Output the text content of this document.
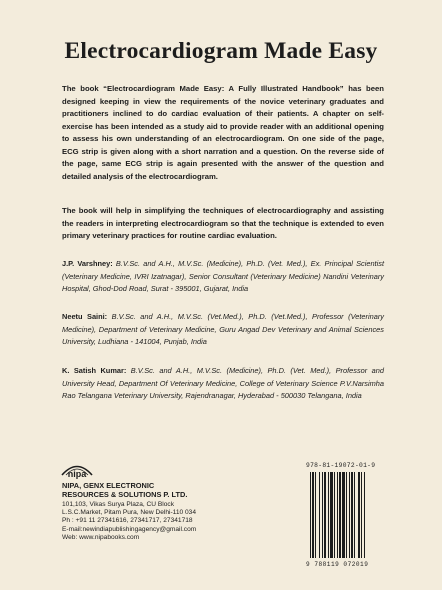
Electrocardiogram Made Easy
The book “Electrocardiogram Made Easy: A Fully Illustrated Handbook” has been designed keeping in view the requirements of the novice veterinary graduates and practitioners inclined to do cardiac evaluation of their patients. A chapter on self-exercise has been intended as a study aid to provide reader with an additional opening to assess his own understanding of an electrocardiogram. On one side of the page, ECG strip is given along with a short narration and a question. On the reverse side of the page, same ECG strip is again presented with the answer of the question and detailed analysis of the electrocardiogram.
The book will help in simplifying the techniques of electrocardiography and assisting the readers in interpreting electrocardiogram so that the technique is extended to even primary veterinary practices for routine cardiac evaluation.
J.P. Varshney: B.V.Sc. and A.H., M.V.Sc. (Medicine), Ph.D. (Vet. Med.), Ex. Principal Scientist (Veterinary Medicine, IVRI Izatnagar), Senior Consultant (Veterinary Medicine) Nandini Veterinary Hospital, Ghod-Dod Road, Surat - 395001, Gujarat, India
Neetu Saini: B.V.Sc. and A.H., M.V.Sc. (Vet.Med.), Ph.D. (Vet.Med.), Professor (Veterinary Medicine), Department of Veterinary Medicine, Guru Angad Dev Veterinary and Animal Sciences University, Ludhiana - 141004, Punjab, India
K. Satish Kumar: B.V.Sc. and A.H., M.V.Sc. (Medicine), Ph.D. (Vet. Med.), Professor and University Head, Department Of Veterinary Medicine, College of Veterinary Science P.V.Narsimha Rao Telangana Veterinary University, Rajendranagar, Hyderabad - 500030 Telangana, India
nipa
NIPA, GENX ELECTRONIC
RESOURCES & SOLUTIONS P. LTD.
101,103, Vikas Surya Plaza, CU Block
L.S.C.Market, Pitam Pura, New Delhi-110 034
Ph : +91 11 27341616, 27341717, 27341718
E-mail:newindiapublishingagency@gmail.com
Web: www.nipabooks.com
978-81-19072-01-9
9 788119 072019
